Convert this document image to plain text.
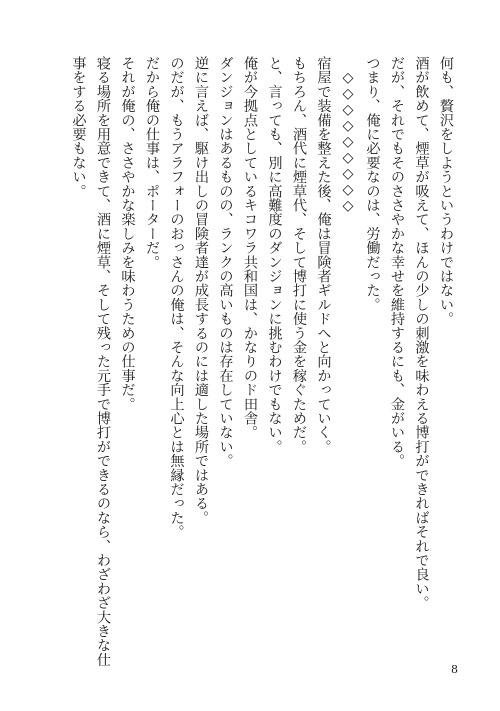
何も、贅沢をしようというわけではない。
酒が飲めて、煙草が吸えて、ほんの少しの刺激を味わえる博打ができればそれで良い。
だが、それでもそのささやかな幸せを維持するにも、金がいる。
つまり、俺に必要なのは、労働だった。
◇◇◇◇◇◇◇◇◇
宿屋で装備を整えた後、俺は冒険者ギルドへと向かっていく。
もちろん、酒代に煙草代、そして博打に使う金を稼ぐためだ。
と、言っても、別に高難度のダンジョンに挑むわけでもない。
俺が今拠点としているキコワラ共和国は、かなりのド田舎。
ダンジョンはあるものの、ランクの高いものは存在していない。
逆に言えば、駆け出しの冒険者達が成長するのには適した場所ではある。
のだが、もうアラフォーのおっさんの俺は、そんな向上心とは無縁だった。
だから俺の仕事は、ポーターだ。
それが俺の、ささやかな楽しみを味わうための仕事だ。
寝る場所を用意できて、酒に煙草、そして残った元手で博打ができるのなら、わざわざ大きな仕
事をする必要もない。
8
